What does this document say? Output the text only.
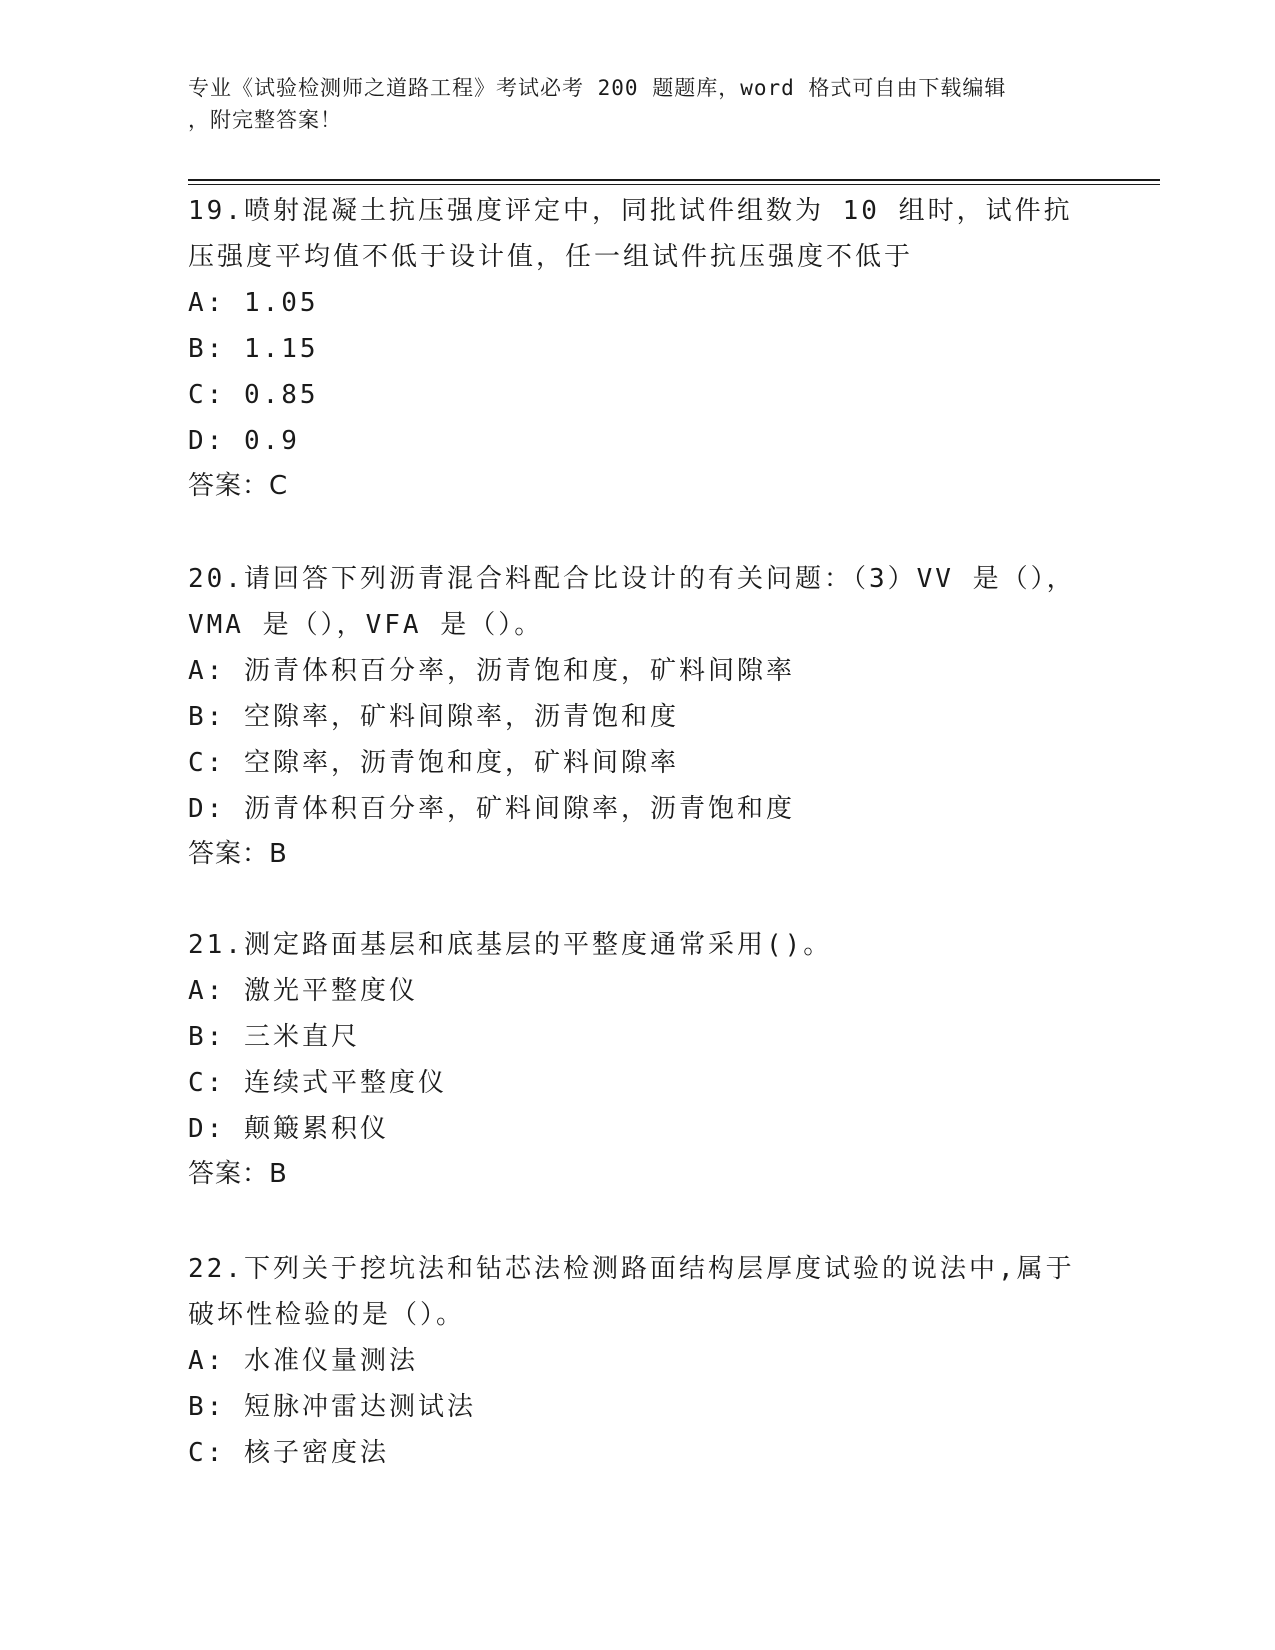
专业《试验检测师之道路工程》考试必考 200 题题库，word 格式可自由下载编辑
，附完整答案！

19.喷射混凝土抗压强度评定中，同批试件组数为 10 组时，试件抗压强度平均值不低于设计值，任一组试件抗压强度不低于

A: 1.05

B: 1.15

C: 0.85

D: 0.9

答案：C

20.请回答下列沥青混合料配合比设计的有关问题：（3）VV 是（），VMA 是（），VFA 是（）。

A: 沥青体积百分率，沥青饱和度，矿料间隙率

B: 空隙率，矿料间隙率，沥青饱和度

C: 空隙率，沥青饱和度，矿料间隙率

D: 沥青体积百分率，矿料间隙率，沥青饱和度

答案：B

21.测定路面基层和底基层的平整度通常采用()。

A: 激光平整度仪

B: 三米直尺

C: 连续式平整度仪

D: 颠簸累积仪

答案：B

22.下列关于挖坑法和钻芯法检测路面结构层厚度试验的说法中,属于破坏性检验的是（）。

A: 水准仪量测法

B: 短脉冲雷达测试法

C: 核子密度法
